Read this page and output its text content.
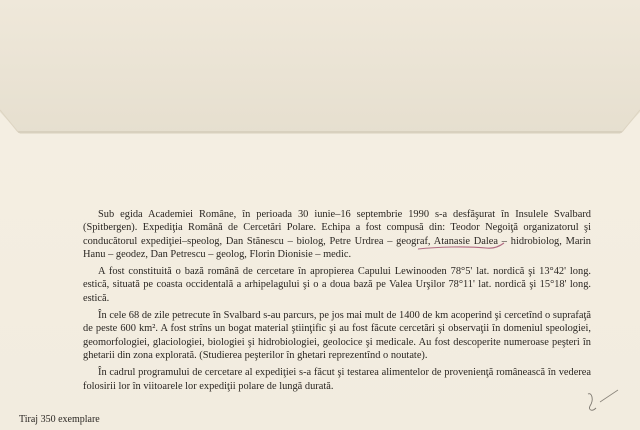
Sub egida Academiei Române, în perioada 30 iunie–16 septembrie 1990 s-a desfăşurat în Insulele Svalbard (Spitbergen). Expediţia Română de Cercetări Polare. Echipa a fost compusă din: Teodor Negoiţă organizatorul şi conducătorul expediţiei–speolog, Dan Stănescu – biolog, Petre Urdrea – geograf, Atanasie Dalea – hidrobiolog, Marin Hanu – geodez, Dan Petrescu – geolog, Florin Dionisie – medic.

A fost constituită o bază română de cercetare în apropierea Capului Lewinooden 78°5' lat. nordică şi 13°42' long. estică, situată pe coasta occidentală a arhipelagului şi o a doua bază pe Valea Urşilor 78°11' lat. nordică şi 15°18' long. estică.

În cele 68 de zile petrecute în Svalbard s-au parcurs, pe jos mai mult de 1400 de km acoperind şi cercetînd o suprafaţă de peste 600 km². A fost strîns un bogat material ştiinţific şi au fost făcute cercetări şi observaţii în domeniul speologiei, geomorfologiei, glaciologiei, biologiei şi hidrobiologiei, geolocice şi medicale. Au fost descoperite numeroase peşteri în ghetarii din zona explorată. (Studierea peşterilor în ghetari reprezentînd o noutate).

În cadrul programului de cercetare al expediţiei s-a făcut şi testarea alimentelor de provenienţă românească în vederea folosirii lor în viitoarele lor expediţii polare de lungă durată.

Tiraj 350 exemplare
